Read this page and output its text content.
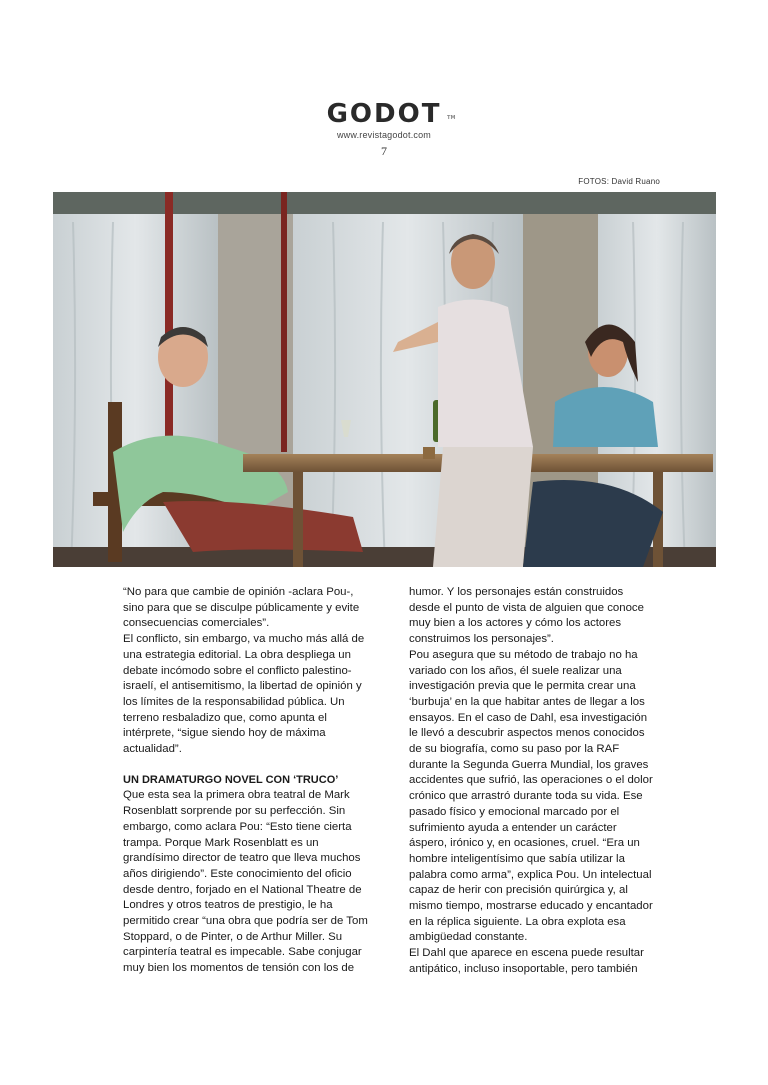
GODOT TM
www.revistagodot.com
7
FOTOS: David Ruano

“No para que cambie de opinión -aclara Pou-, sino para que se disculpe públicamente y evite consecuencias comerciales”.

El conflicto, sin embargo, va mucho más allá de una estrategia editorial. La obra despliega un debate incómodo sobre el conflicto palestino-israelí, el antisemitismo, la libertad de opinión y los límites de la responsabilidad pública. Un terreno resbaladizo que, como apunta el intérprete, “sigue siendo hoy de máxima actualidad”.

UN DRAMATURGO NOVEL CON ‘TRUCO’

Que esta sea la primera obra teatral de Mark Rosenblatt sorprende por su perfección. Sin embargo, como aclara Pou: “Esto tiene cierta trampa. Porque Mark Rosenblatt es un grandísimo director de teatro que lleva muchos años dirigiendo”. Este conocimiento del oficio desde dentro, forjado en el National Theatre de Londres y otros teatros de prestigio, le ha permitido crear “una obra que podría ser de Tom Stoppard, o de Pinter, o de Arthur Miller. Su carpintería teatral es impecable. Sabe conjugar muy bien los momentos de tensión con los de

humor. Y los personajes están construidos desde el punto de vista de alguien que conoce muy bien a los actores y cómo los actores construimos los personajes”.

Pou asegura que su método de trabajo no ha variado con los años, él suele realizar una investigación previa que le permita crear una ‘burbuja’ en la que habitar antes de llegar a los ensayos. En el caso de Dahl, esa investigación le llevó a descubrir aspectos menos conocidos de su biografía, como su paso por la RAF durante la Segunda Guerra Mundial, los graves accidentes que sufrió, las operaciones o el dolor crónico que arrastró durante toda su vida. Ese pasado físico y emocional marcado por el sufrimiento ayuda a entender un carácter áspero, irónico y, en ocasiones, cruel. “Era un hombre inteligentísimo que sabía utilizar la palabra como arma”, explica Pou. Un intelectual capaz de herir con precisión quirúrgica y, al mismo tiempo, mostrarse educado y encantador en la réplica siguiente. La obra explota esa ambigüedad constante.

El Dahl que aparece en escena puede resultar antipático, incluso insoportable, pero también
